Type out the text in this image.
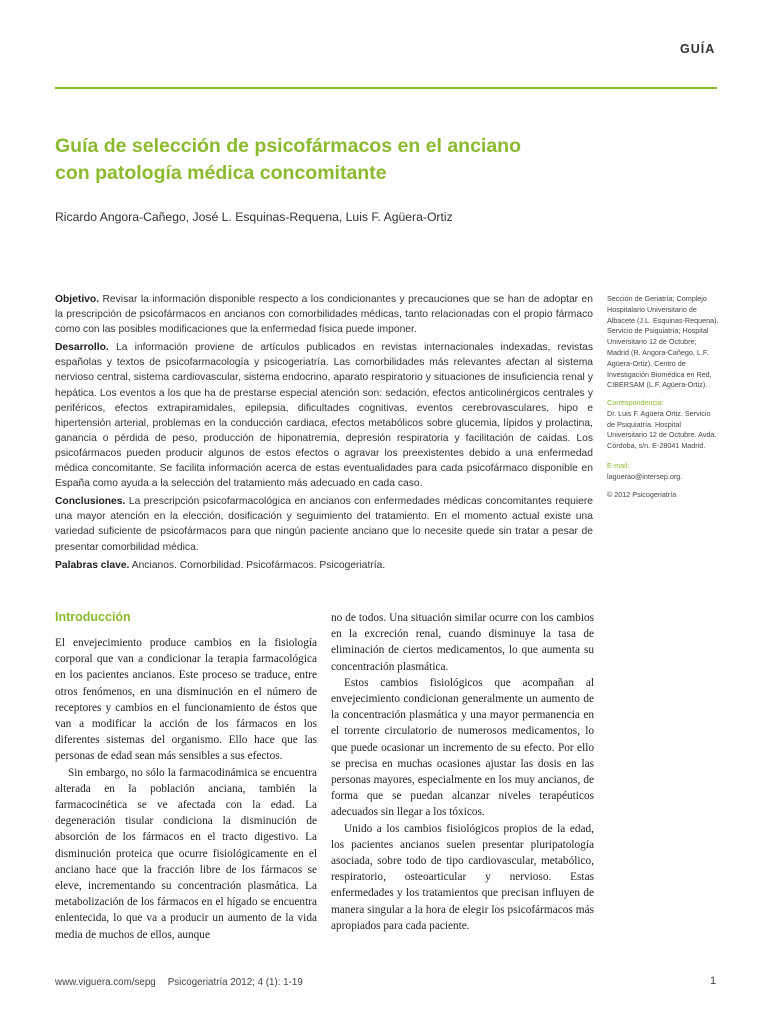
GUÍA
Guía de selección de psicofármacos en el anciano
con patología médica concomitante
Ricardo Angora-Cañego, José L. Esquinas-Requena, Luis F. Agüera-Ortiz

Objetivo. Revisar la información disponible respecto a los condicionantes y precauciones que se han de adoptar en la prescripción de psicofármacos en ancianos con comorbilidades médicas, tanto relacionadas con el propio fármaco como con las posibles modificaciones que la enfermedad física puede imponer.

Desarrollo. La información proviene de artículos publicados en revistas internacionales indexadas, revistas españolas y textos de psicofarmacología y psicogeriatría. Las comorbilidades más relevantes afectan al sistema nervioso central, sistema cardiovascular, sistema endocrino, aparato respiratorio y situaciones de insuficiencia renal y hepática. Los eventos a los que ha de prestarse especial atención son: sedación, efectos anticolinérgicos centrales y periféricos, efectos extrapiramidales, epilepsia, dificultades cognitivas, eventos cerebrovasculares, hipo e hipertensión arterial, problemas en la conducción cardiaca, efectos metabólicos sobre glucemia, lípidos y prolactina, ganancia o pérdida de peso, producción de hiponatremia, depresión respiratoria y facilitación de caídas. Los psicofármacos pueden producir algunos de estos efectos o agravar los preexistentes debido a una enfermedad médica concomitante. Se facilita información acerca de estas eventualidades para cada psicofármaco disponible en España como ayuda a la selección del tratamiento más adecuado en cada caso.

Conclusiones. La prescripción psicofarmacológica en ancianos con enfermedades médicas concomitantes requiere una mayor atención en la elección, dosificación y seguimiento del tratamiento. En el momento actual existe una variedad suficiente de psicofármacos para que ningún paciente anciano que lo necesite quede sin tratar a pesar de presentar comorbilidad médica.

Palabras clave. Ancianos. Comorbilidad. Psicofármacos. Psicogeriatría.

Sección de Geriatría; Complejo Hospitalario Universitario de Albacete (J.L. Esquinas-Requena). Servicio de Psiquiatría; Hospital Universitario 12 de Octubre; Madrid (R. Angora-Cañego, L.F. Agüera-Ortiz). Centro de Investigación Biomédica en Red, CIBERSAM (L.F. Agüera-Ortiz).
Correspondencia:
Dr. Luis F. Agüera Ortiz. Servicio de Psiquiatría. Hospital Universitario 12 de Octubre. Avda. Córdoba, s/n. E-28041 Madrid.
E-mail:
laguerao@intersep.org.
© 2012 Psicogeriatría
Introducción

El envejecimiento produce cambios en la fisiología corporal que van a condicionar la terapia farmacológica en los pacientes ancianos. Este proceso se traduce, entre otros fenómenos, en una disminución en el número de receptores y cambios en el funcionamiento de éstos que van a modificar la acción de los fármacos en los diferentes sistemas del organismo. Ello hace que las personas de edad sean más sensibles a sus efectos.

Sin embargo, no sólo la farmacodinámica se encuentra alterada en la población anciana, también la farmacocinética se ve afectada con la edad. La degeneración tisular condiciona la disminución de absorción de los fármacos en el tracto digestivo. La disminución proteica que ocurre fisiológicamente en el anciano hace que la fracción libre de los fármacos se eleve, incrementando su concentración plasmática. La metabolización de los fármacos en el hígado se encuentra enlentecida, lo que va a producir un aumento de la vida media de muchos de ellos, aunque

no de todos. Una situación similar ocurre con los cambios en la excreción renal, cuando disminuye la tasa de eliminación de ciertos medicamentos, lo que aumenta su concentración plasmática.

Estos cambios fisiológicos que acompañan al envejecimiento condicionan generalmente un aumento de la concentración plasmática y una mayor permanencia en el torrente circulatorio de numerosos medicamentos, lo que puede ocasionar un incremento de su efecto. Por ello se precisa en muchas ocasiones ajustar las dosis en las personas mayores, especialmente en los muy ancianos, de forma que se puedan alcanzar niveles terapéuticos adecuados sin llegar a los tóxicos.

Unido a los cambios fisiológicos propios de la edad, los pacientes ancianos suelen presentar pluripatología asociada, sobre todo de tipo cardiovascular, metabólico, respiratorio, osteoarticular y nervioso. Estas enfermedades y los tratamientos que precisan influyen de manera singular a la hora de elegir los psicofármacos más apropiados para cada paciente.

www.viguera.com/sepg Psicogeriatría 2012; 4 (1): 1-19	1
